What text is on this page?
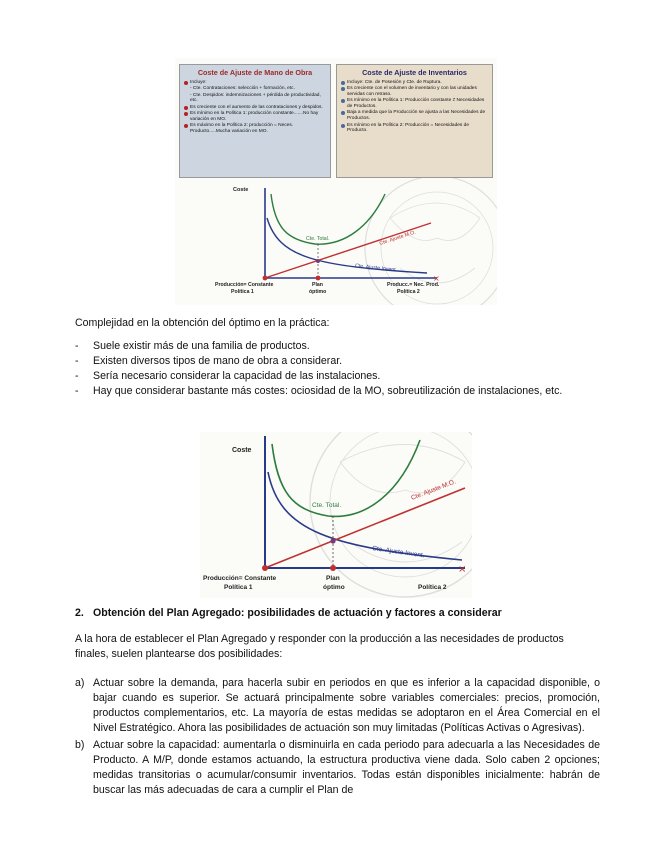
Coste de Ajuste de Mano de Obra
Incluye:
- Cte. Contrataciones: selección + formación, etc.
- Cte. Despidos: indemnizaciones + pérdida de productividad, etc.
Es creciente con el aumento de las contrataciones y despidos.
Es mínimo en la Política 1: producción constante.......No hay variación en MO.
Es máximo en la Política 2: producción = Neces. Producto.....Mucha variación en MO.
Coste de Ajuste de Inventarios
Incluye: Cte. de Posesión y Cte. de Ruptura.
Es creciente con el volumen de inventario y con las unidades servidas con retraso.
Es mínimo en la Política 1: Producción constante ≠ Necesidades de Productos.
Baja a medida que la Producción se ajusta a las Necesidades de Productos.
Es mínimo en la Política 2: Producción = Necesidades de Producto.
×
Coste
Cte. Total.	Cte. Ajuste M.O.
Cte. Ajuste Invent.
Producción= Constante
Política 1
Plan
óptimo
Producc.= Nec. Prod.
Política 2

Complejidad en la obtención del óptimo en la práctica:

- Suele existir más de una familia de productos.
- Existen diversos tipos de mano de obra a considerar.
- Sería necesario considerar la capacidad de las instalaciones.
- Hay que considerar bastante más costes: ociosidad de la MO, sobreutilización de instalaciones, etc.
×
Coste
Cte. Total.
Cte. Ajuste M.O.
Cte. Ajuste Invent.
Producción= Constante
Política 1
Plan
óptimo	Política 2

2. Obtención del Plan Agregado: posibilidades de actuación y factores a considerar

A la hora de establecer el Plan Agregado y responder con la producción a las necesidades de productos finales, suelen plantearse dos posibilidades:

a) Actuar sobre la demanda, para hacerla subir en periodos en que es inferior a la capacidad disponible, o bajar cuando es superior. Se actuará principalmente sobre variables comerciales: precios, promoción, productos complementarios, etc. La mayoría de estas medidas se adoptaron en el Área Comercial en el Nivel Estratégico. Ahora las posibilidades de actuación son muy limitadas (Políticas Activas o Agresivas).
b) Actuar sobre la capacidad: aumentarla o disminuirla en cada periodo para adecuarla a las Necesidades de Producto. A M/P, donde estamos actuando, la estructura productiva viene dada. Solo caben 2 opciones; medidas transitorias o acumular/consumir inventarios. Todas están disponibles inicialmente: habrán de buscar las más adecuadas de cara a cumplir el Plan de
